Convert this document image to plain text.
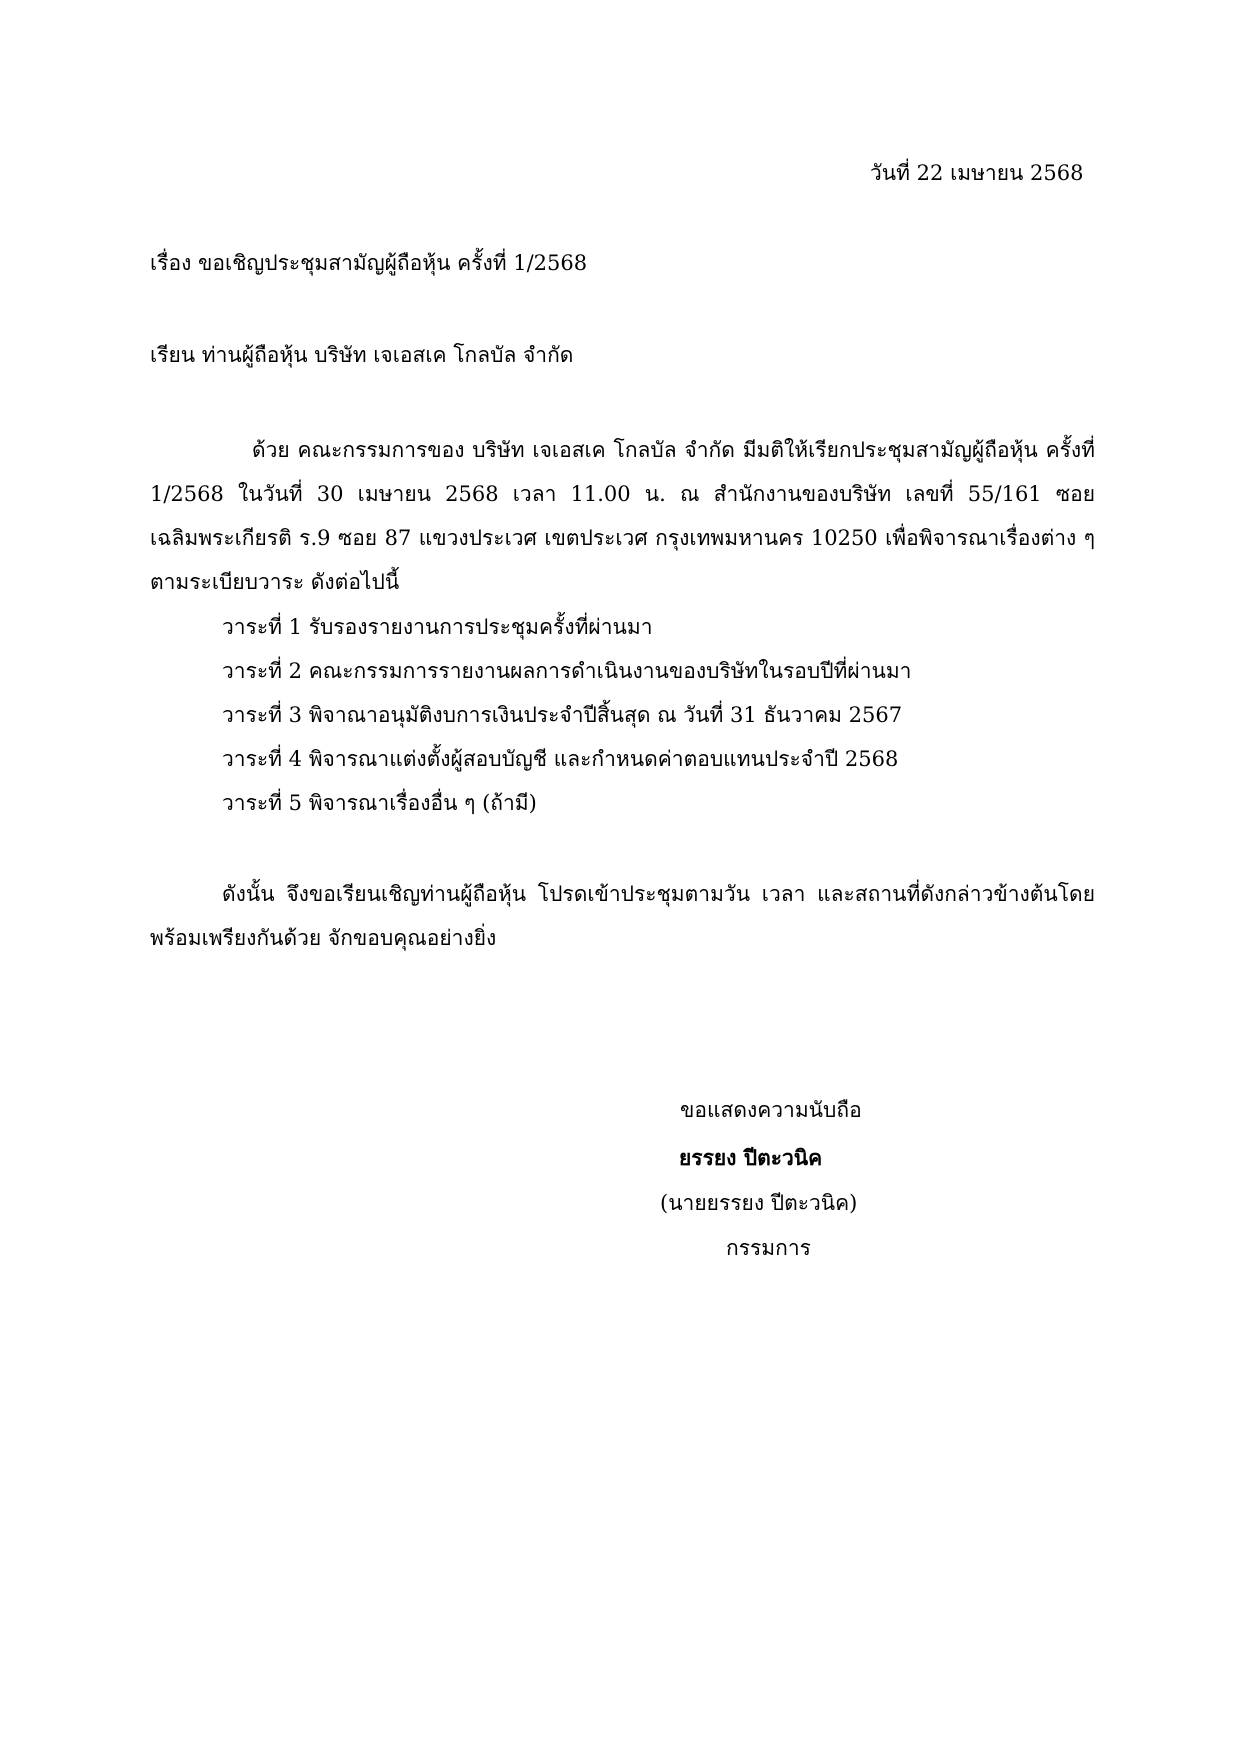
วันที่ 22 เมษายน 2568
เรื่อง ขอเชิญประชุมสามัญผู้ถือหุ้น ครั้งที่ 1/2568
เรียน ท่านผู้ถือหุ้น บริษัท เจเอสเค โกลบัล จำกัด
ด้วย คณะกรรมการของ บริษัท เจเอสเค โกลบัล จำกัด มีมติให้เรียกประชุมสามัญผู้ถือหุ้น ครั้งที่ 1/2568 ในวันที่ 30 เมษายน 2568 เวลา 11.00 น. ณ สำนักงานของบริษัท เลขที่ 55/161 ซอยเฉลิมพระเกียรติ ร.9 ซอย 87 แขวงประเวศ เขตประเวศ กรุงเทพมหานคร 10250 เพื่อพิจารณาเรื่องต่าง ๆ ตามระเบียบวาระ ดังต่อไปนี้
วาระที่ 1 รับรองรายงานการประชุมครั้งที่ผ่านมา
วาระที่ 2 คณะกรรมการรายงานผลการดำเนินงานของบริษัทในรอบปีที่ผ่านมา
วาระที่ 3 พิจาณาอนุมัติงบการเงินประจำปีสิ้นสุด ณ วันที่ 31 ธันวาคม 2567
วาระที่ 4 พิจารณาแต่งตั้งผู้สอบบัญชี และกำหนดค่าตอบแทนประจำปี 2568
วาระที่ 5 พิจารณาเรื่องอื่น ๆ (ถ้ามี)
ดังนั้น จึงขอเรียนเชิญท่านผู้ถือหุ้น โปรดเข้าประชุมตามวัน เวลา และสถานที่ดังกล่าวข้างต้นโดยพร้อมเพรียงกันด้วย จักขอบคุณอย่างยิ่ง
ขอแสดงความนับถือ
ยรรยง ปีตะวนิค
(นายยรรยง ปีตะวนิค)
กรรมการ
